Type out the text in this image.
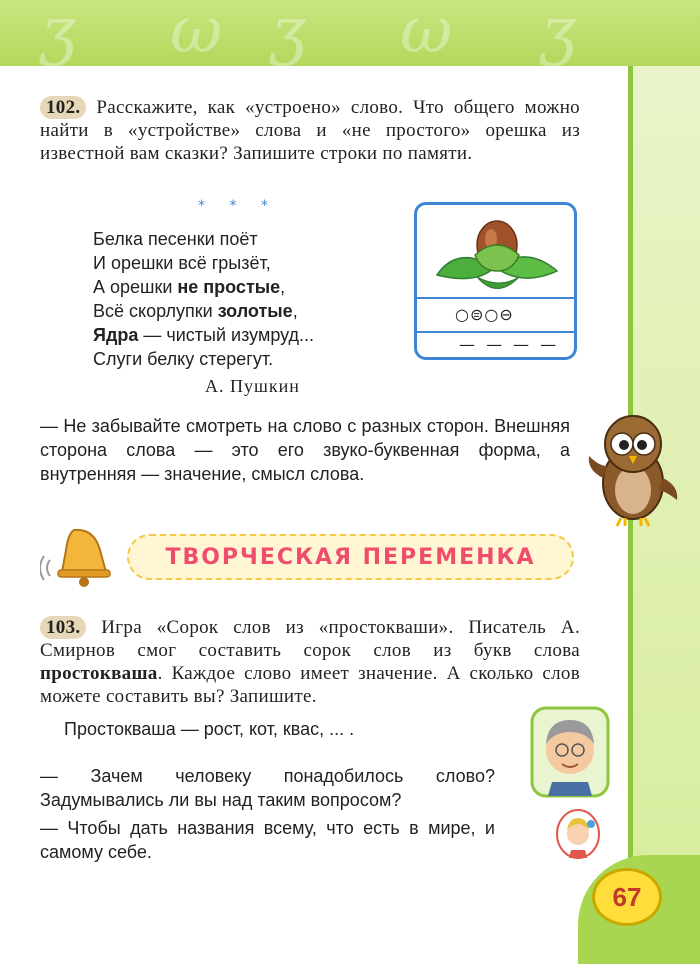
ʒ ω ʒ ω ʒ
67
102. Расскажите, как «устроено» слово. Что общего можно найти в «устройстве» слова и «не простого» орешка из известной вам сказки? Запишите строки по памяти.
* * *
Белка песенки поёт
И орешки всё грызёт,
А орешки не простые,
Всё скорлупки золотые,
Ядра — чистый изумруд...
Слуги белку стерегут.
А. Пушкин
○⊜○⊖
— — — —
— Не забывайте смотреть на слово с разных сторон. Внешняя сторона слова — это его звуко-буквенная форма, а внутренняя — значение, смысл слова.
ТВОРЧЕСКАЯ ПЕРЕМЕНКА
103. Игра «Сорок слов из «простокваши». Писатель А. Смирнов смог составить сорок слов из букв слова простокваша. Каждое слово имеет значение. А сколько слов можете составить вы? Запишите.
Простокваша — рост, кот, квас, ... .
— Зачем человеку понадобилось слово? Задумывались ли вы над таким вопросом?
— Чтобы дать названия всему, что есть в мире, и самому себе.
